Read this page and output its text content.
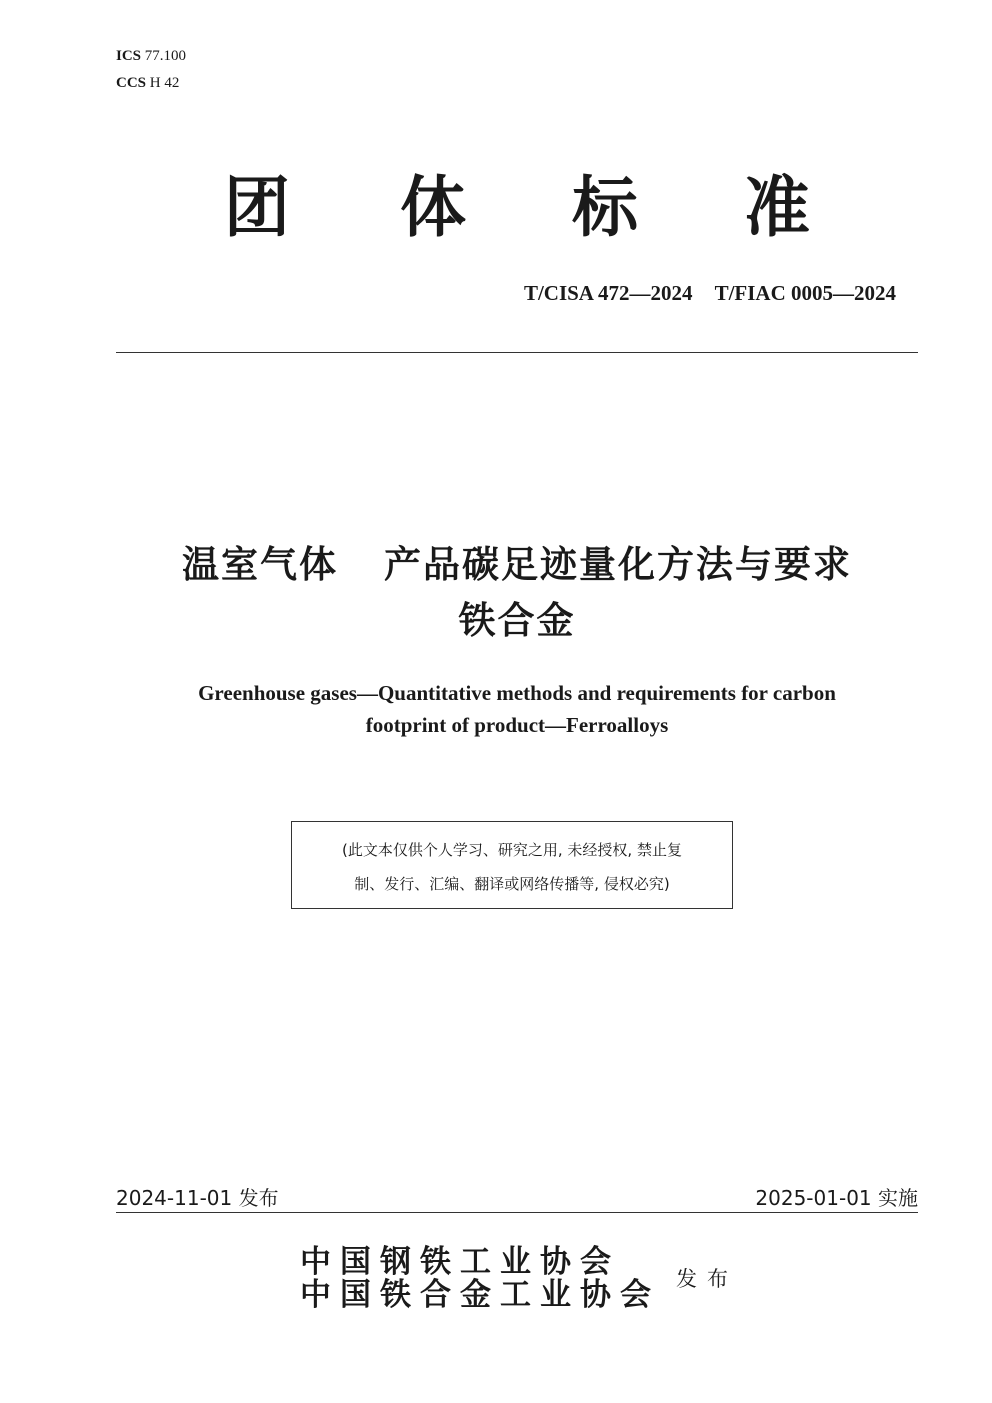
ICS 77.100
CCS H 42
团 体 标 准
T/CISA 472—2024 T/FIAC 0005—2024
温室气体 产品碳足迹量化方法与要求
铁合金
Greenhouse gases—Quantitative methods and requirements for carbon
footprint of product—Ferroalloys
(此文本仅供个人学习、研究之用, 未经授权, 禁止复
制、发行、汇编、翻译或网络传播等, 侵权必究)
2024-11-01 发布	2025-01-01 实施
中国钢铁工业协会
中国铁合金工业协会 发布
